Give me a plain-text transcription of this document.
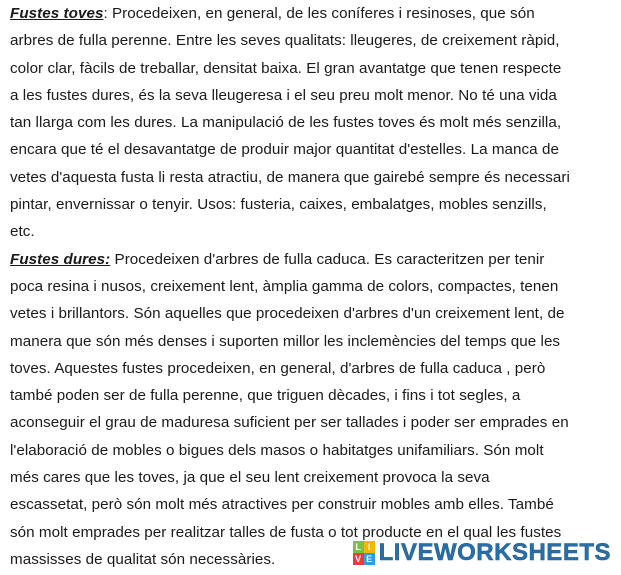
Fustes toves: Procedeixen, en general, de les coníferes i resinoses, que són
arbres de fulla perenne. Entre les seves qualitats: lleugeres, de creixement ràpid,
color clar, fàcils de treballar, densitat baixa. El gran avantatge que tenen respecte
a les fustes dures, és la seva lleugeresa i el seu preu molt menor. No té una vida
tan llarga com les dures. La manipulació de les fustes toves és molt més senzilla,
encara que té el desavantatge de produir major quantitat d'estelles. La manca de
vetes d'aquesta fusta li resta atractiu, de manera que gairebé sempre és necessari
pintar, envernissar o tenyir. Usos: fusteria, caixes, embalatges, mobles senzills,
etc.

Fustes dures: Procedeixen d'arbres de fulla caduca. Es caracteritzen per tenir
poca resina i nusos, creixement lent, àmplia gamma de colors, compactes, tenen
vetes i brillantors. Són aquelles que procedeixen d'arbres d'un creixement lent, de
manera que són més denses i suporten millor les inclemències del temps que les
toves. Aquestes fustes procedeixen, en general, d'arbres de fulla caduca , però
també poden ser de fulla perenne, que triguen dècades, i fins i tot segles, a
aconseguir el grau de maduresa suficient per ser tallades i poder ser emprades en
l'elaboració de mobles o bigues dels masos o habitatges unifamiliars. Són molt
més cares que les toves, ja que el seu lent creixement provoca la seva
escassetat, però són molt més atractives per construir mobles amb elles. També
són molt emprades per realitzar talles de fusta o tot producte en el qual les fustes
massisses de qualitat són necessàries.

L I
V E LIVEWORKSHEETS
